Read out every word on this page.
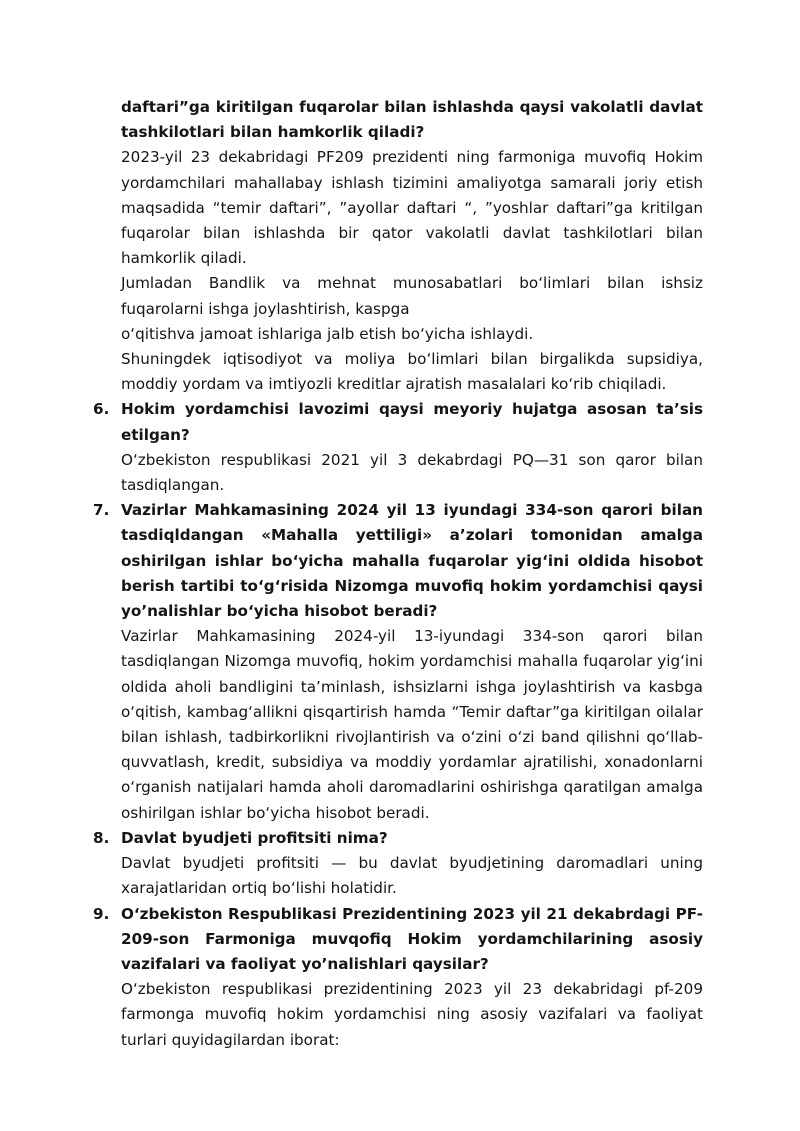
daftari”ga kiritilgan fuqarolar bilan ishlashda qaysi vakolatli davlat tashkilotlari bilan hamkorlik qiladi?

2023-yil 23 dekabridagi PF209 prezidenti ning farmoniga muvofiq Hokim yordamchilari mahallabay ishlash tizimini amaliyotga samarali joriy etish maqsadida “temir daftari”, ”ayollar daftari “, ”yoshlar daftari”ga kritilgan fuqarolar bilan ishlashda bir qator vakolatli davlat tashkilotlari bilan hamkorlik qiladi.

Jumladan Bandlik va mehnat munosabatlari bo‘limlari bilan ishsiz fuqarolarni ishga joylashtirish, kaspga

o‘qitishva jamoat ishlariga jalb etish bo‘yicha ishlaydi.

Shuningdek iqtisodiyot va moliya bo‘limlari bilan birgalikda supsidiya, moddiy yordam va imtiyozli kreditlar ajratish masalalari ko‘rib chiqiladi.

6. Hokim yordamchisi lavozimi qaysi meyoriy hujatga asosan ta’sis etilgan?

O‘zbekiston respublikasi 2021 yil 3 dekabrdagi PQ—31 son qaror bilan tasdiqlangan.

7. Vazirlar Mahkamasining 2024 yil 13 iyundagi 334-son qarori bilan tasdiqldangan «Mahalla yettiligi» a’zolari tomonidan amalga oshirilgan ishlar bo‘yicha mahalla fuqarolar yig‘ini oldida hisobot berish tartibi to‘g‘risida Nizomga muvofiq hokim yordamchisi qaysi yo’nalishlar bo‘yicha hisobot beradi?

Vazirlar Mahkamasining 2024-yil 13-iyundagi 334-son qarori bilan tasdiqlangan Nizomga muvofiq, hokim yordamchisi mahalla fuqarolar yig‘ini oldida aholi bandligini ta’minlash, ishsizlarni ishga joylashtirish va kasbga o‘qitish, kambag‘allikni qisqartirish hamda “Temir daftar”ga kiritilgan oilalar bilan ishlash, tadbirkorlikni rivojlantirish va o‘zini o‘zi band qilishni qo‘llab-quvvatlash, kredit, subsidiya va moddiy yordamlar ajratilishi, xonadonlarni o‘rganish natijalari hamda aholi daromadlarini oshirishga qaratilgan amalga oshirilgan ishlar bo‘yicha hisobot beradi.

8. Davlat byudjeti profitsiti nima?

Davlat byudjeti profitsiti — bu davlat byudjetining daromadlari uning xarajatlaridan ortiq bo‘lishi holatidir.

9. O‘zbekiston Respublikasi Prezidentining 2023 yil 21 dekabrdagi PF-209-son Farmoniga muvqofiq Hokim yordamchilarining asosiy vazifalari va faoliyat yo’nalishlari qaysilar?

O‘zbekiston respublikasi prezidentining 2023 yil 23 dekabridagi pf-209 farmonga muvofiq hokim yordamchisi ning asosiy vazifalari va faoliyat turlari quyidagilardan iborat:
